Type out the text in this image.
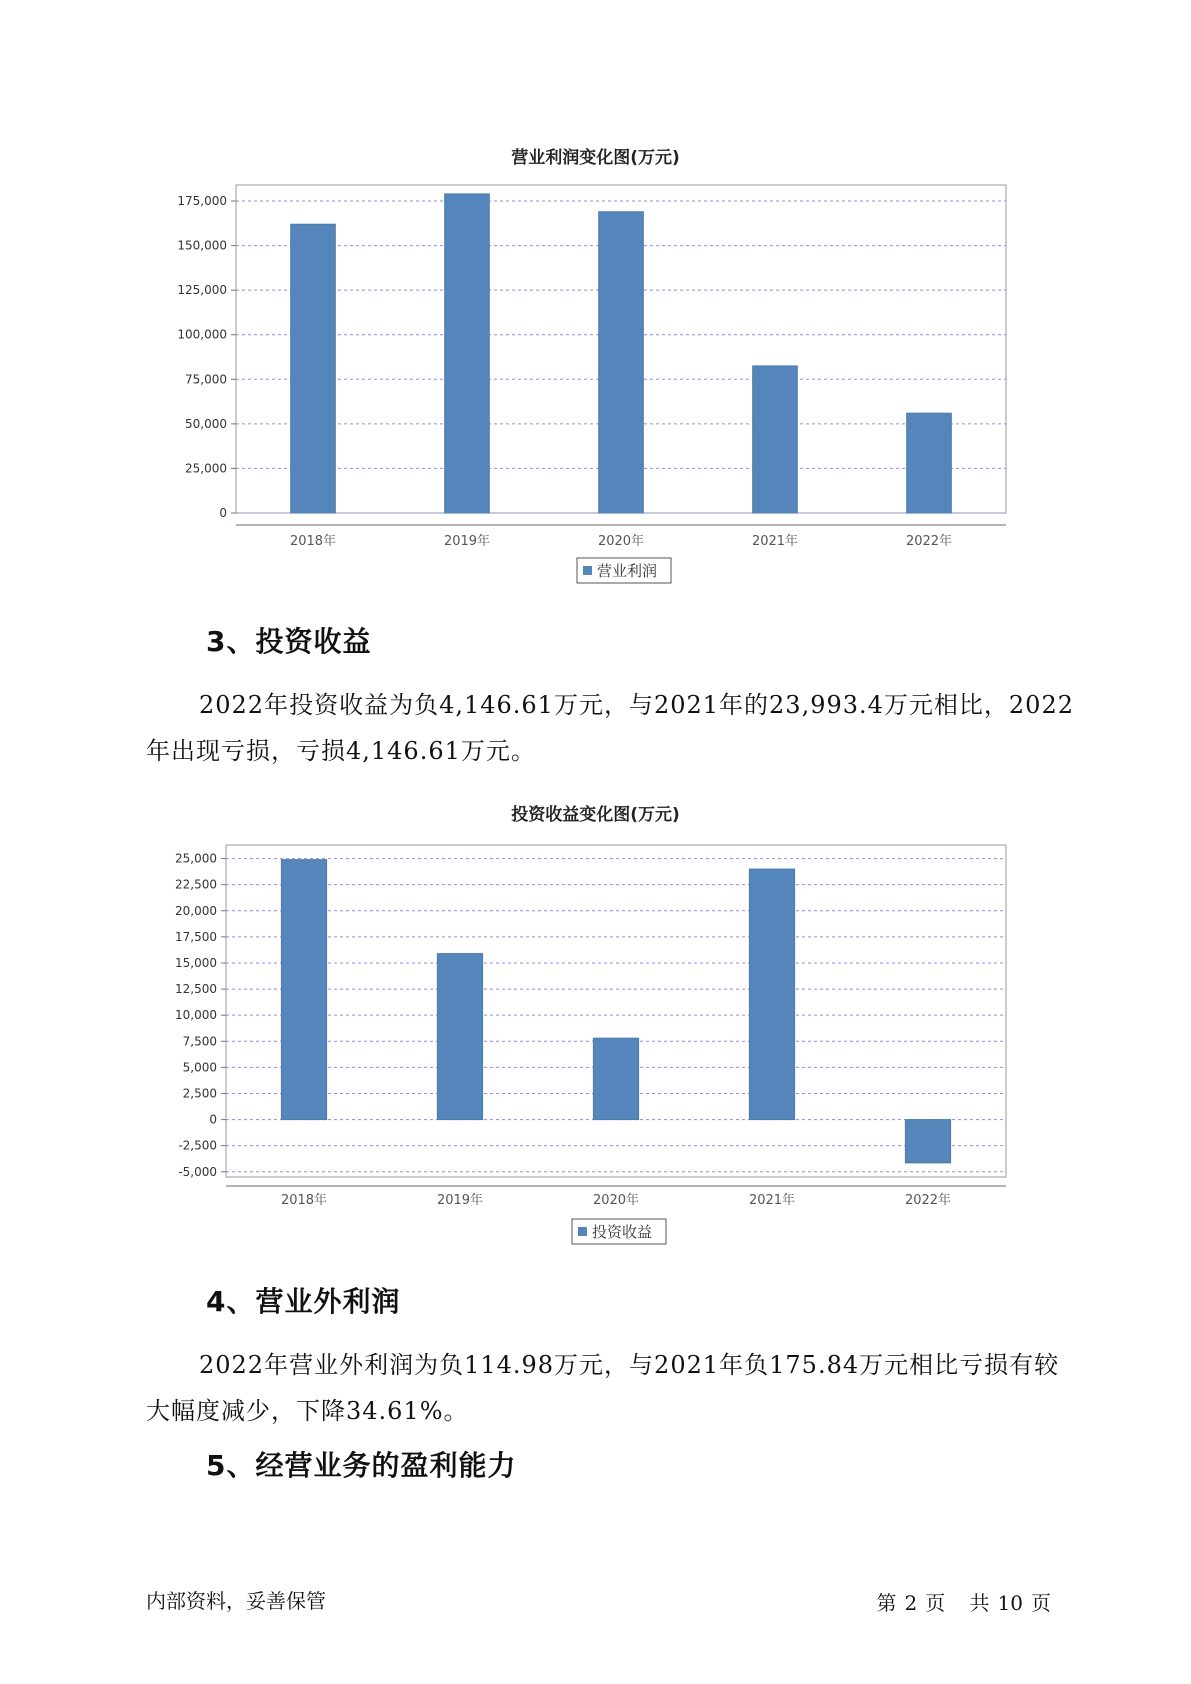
营业利润变化图(万元)
0
25,000
50,000
75,000
100,000
125,000
150,000
175,000
2018年	2019年	2020年	2021年	2022年
营业利润
3、投资收益

2022年投资收益为负4,146.61万元，与2021年的23,993.4万元相比，2022年出现亏损，亏损4,146.61万元。

投资收益变化图(万元)
-5,000
-2,500
0
2,500
5,000
7,500
10,000
12,500
15,000
17,500
20,000
22,500
25,000
2018年	2019年	2020年	2021年	2022年
投资收益
4、营业外利润

2022年营业外利润为负114.98万元，与2021年负175.84万元相比亏损有较大幅度减少，下降34.61%。

5、经营业务的盈利能力
内部资料，妥善保管	第 2 页 共 10 页
